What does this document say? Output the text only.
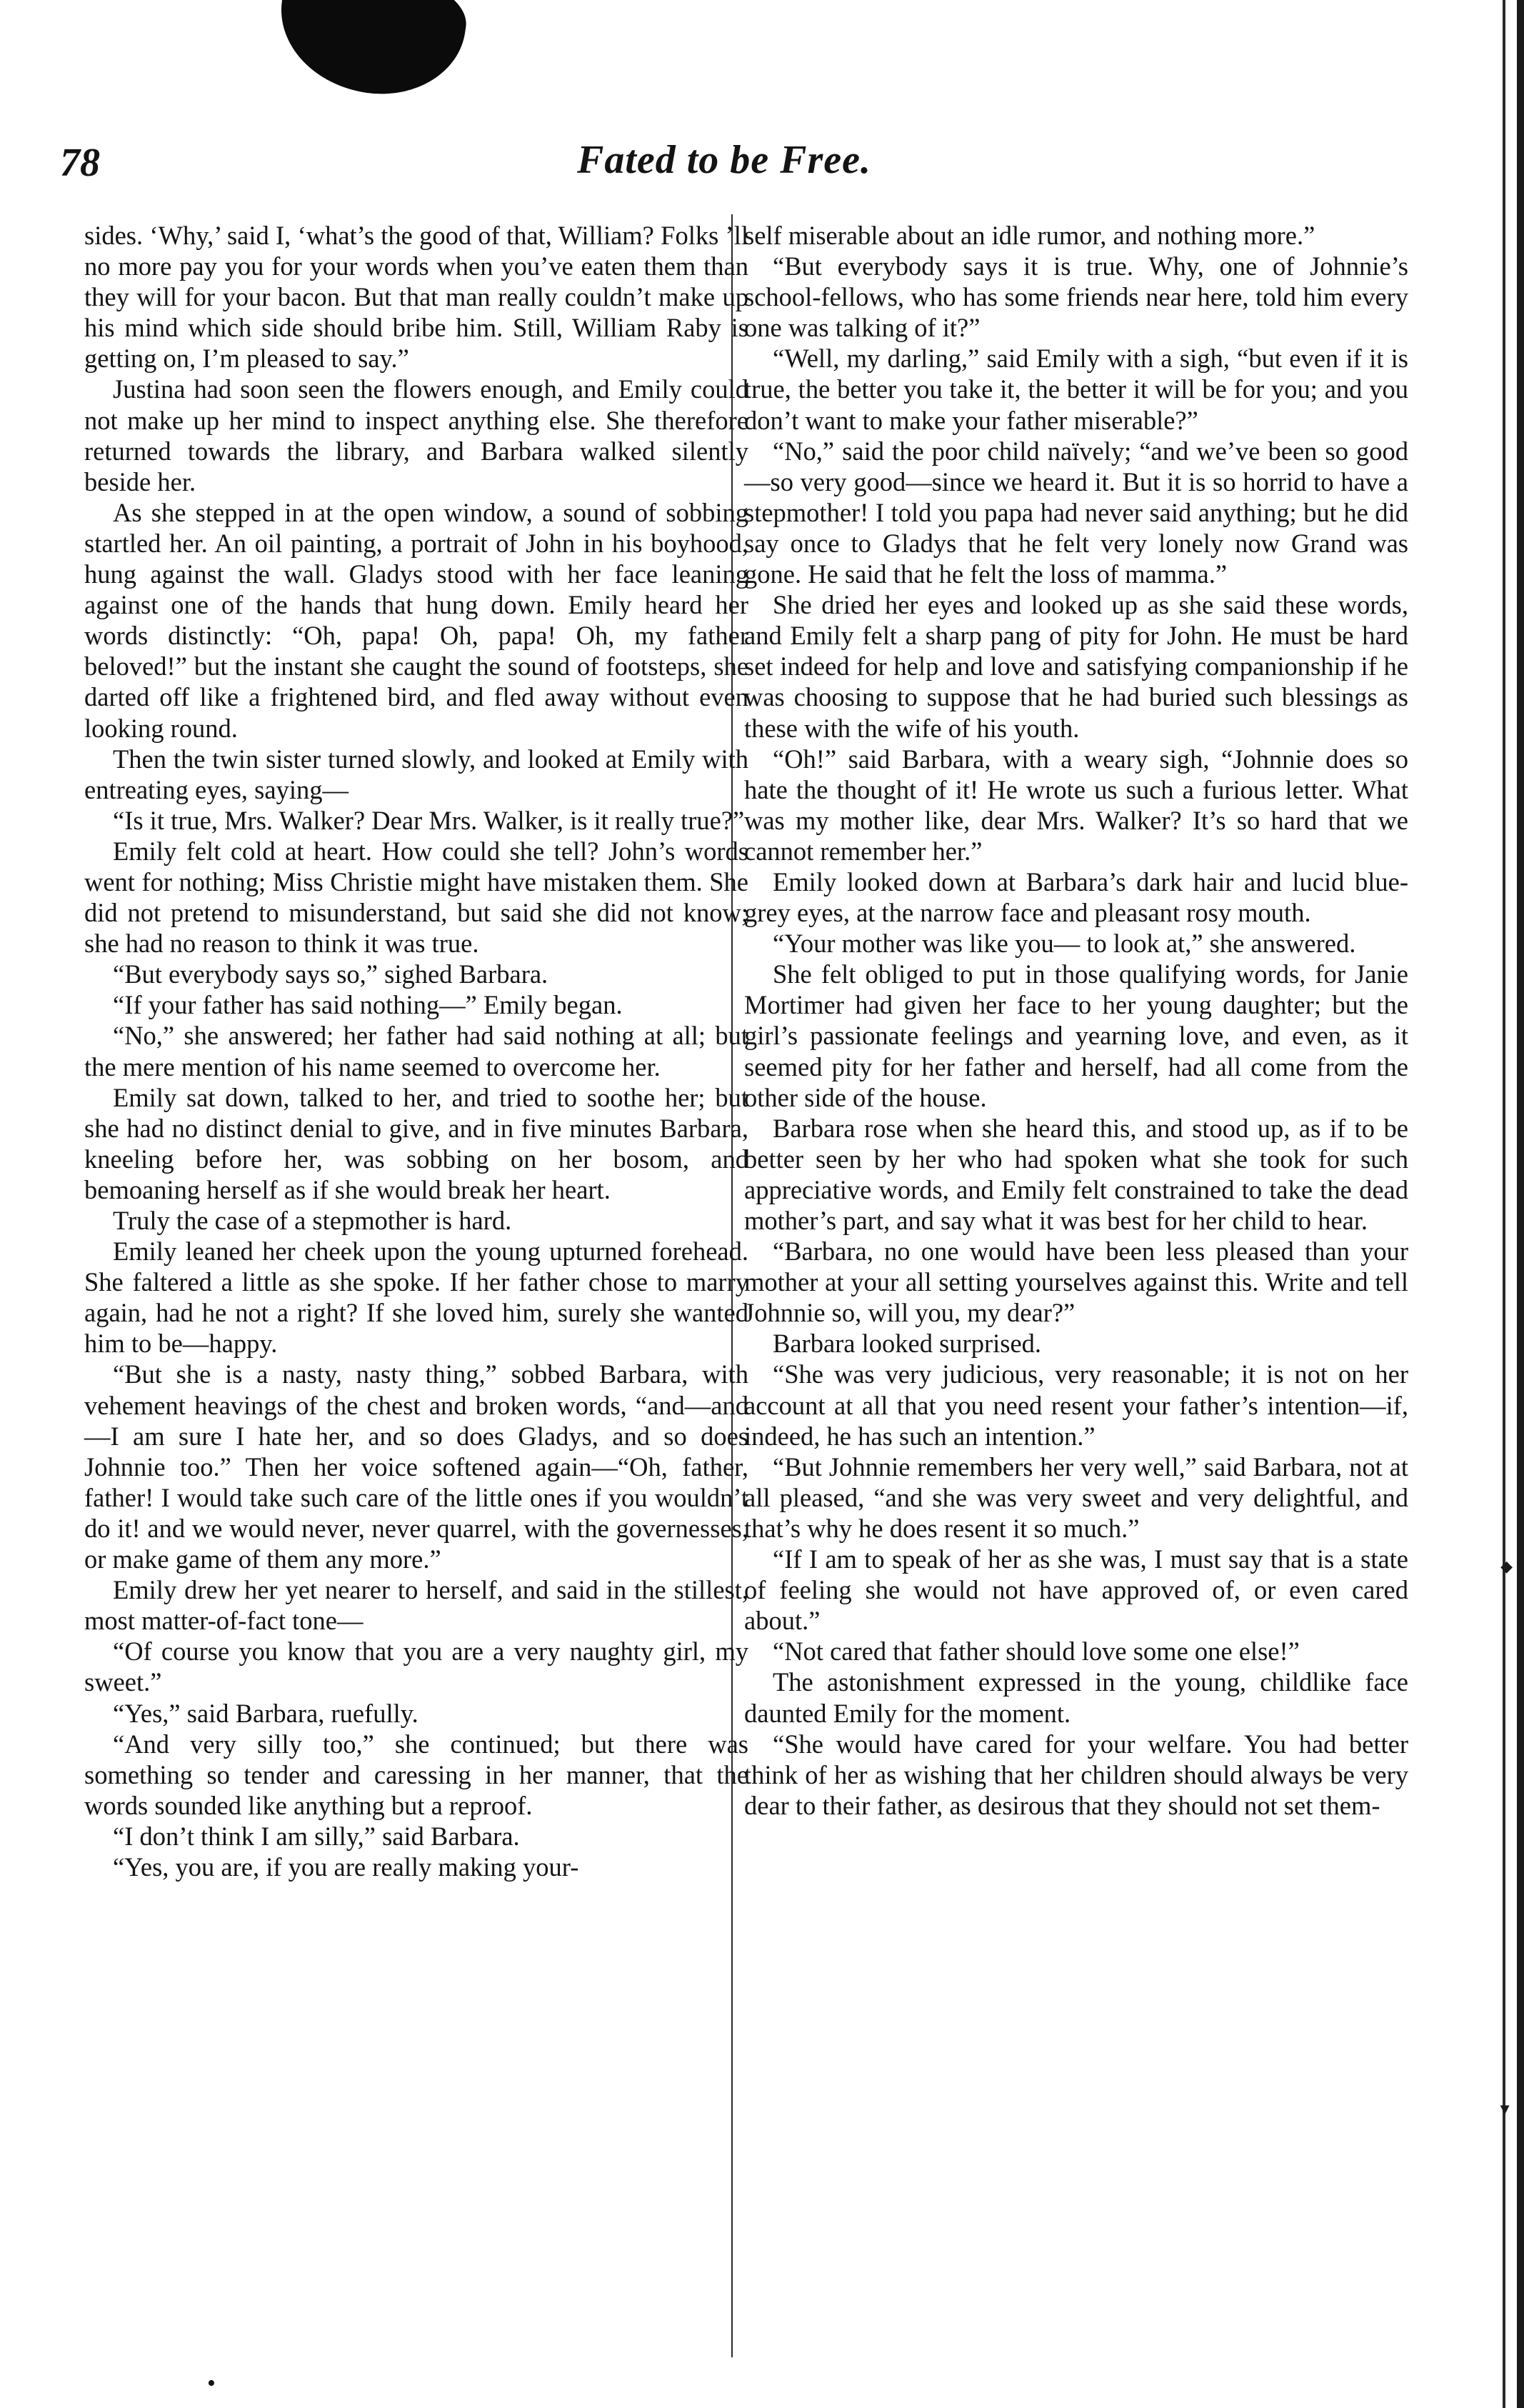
◆
▼
78	Fated to be Free.

sides. ‘Why,’ said I, ‘what’s the good of that, William? Folks ’ll no more pay you for your words when you’ve eaten them than they will for your bacon. But that man really couldn’t make up his mind which side should bribe him. Still, William Raby is getting on, I’m pleased to say.”

Justina had soon seen the flowers enough, and Emily could not make up her mind to inspect anything else. She therefore returned towards the library, and Barbara walked silently beside her.

As she stepped in at the open window, a sound of sobbing startled her. An oil painting, a portrait of John in his boyhood, hung against the wall. Gladys stood with her face leaning against one of the hands that hung down. Emily heard her words distinctly: “Oh, papa! Oh, papa! Oh, my father beloved!” but the instant she caught the sound of footsteps, she darted off like a frightened bird, and fled away without even looking round.

Then the twin sister turned slowly, and looked at Emily with entreating eyes, saying—

“Is it true, Mrs. Walker? Dear Mrs. Walker, is it really true?”

Emily felt cold at heart. How could she tell? John’s words went for nothing; Miss Christie might have mistaken them. She did not pretend to misunderstand, but said she did not know; she had no reason to think it was true.

“But everybody says so,” sighed Barbara.

“If your father has said nothing—” Emily began.

“No,” she answered; her father had said nothing at all; but the mere mention of his name seemed to overcome her.

Emily sat down, talked to her, and tried to soothe her; but she had no distinct denial to give, and in five minutes Barbara, kneeling before her, was sobbing on her bosom, and bemoaning herself as if she would break her heart.

Truly the case of a stepmother is hard.

Emily leaned her cheek upon the young upturned forehead. She faltered a little as she spoke. If her father chose to marry again, had he not a right? If she loved him, surely she wanted him to be—happy.

“But she is a nasty, nasty thing,” sobbed Barbara, with vehement heavings of the chest and broken words, “and—and—I am sure I hate her, and so does Gladys, and so does Johnnie too.” Then her voice softened again—“Oh, father, father! I would take such care of the little ones if you wouldn’t do it! and we would never, never quarrel, with the governesses, or make game of them any more.”

Emily drew her yet nearer to herself, and said in the stillest, most matter-of-fact tone—

“Of course you know that you are a very naughty girl, my sweet.”

“Yes,” said Barbara, ruefully.

“And very silly too,” she continued; but there was something so tender and caressing in her manner, that the words sounded like anything but a reproof.

“I don’t think I am silly,” said Barbara.

“Yes, you are, if you are really making your-

self miserable about an idle rumor, and nothing more.”

“But everybody says it is true. Why, one of Johnnie’s school-fellows, who has some friends near here, told him every one was talking of it?”

“Well, my darling,” said Emily with a sigh, “but even if it is true, the better you take it, the better it will be for you; and you don’t want to make your father miserable?”

“No,” said the poor child naïvely; “and we’ve been so good—so very good—since we heard it. But it is so horrid to have a stepmother! I told you papa had never said anything; but he did say once to Gladys that he felt very lonely now Grand was gone. He said that he felt the loss of mamma.”

She dried her eyes and looked up as she said these words, and Emily felt a sharp pang of pity for John. He must be hard set indeed for help and love and satisfying companionship if he was choosing to suppose that he had buried such blessings as these with the wife of his youth.

“Oh!” said Barbara, with a weary sigh, “Johnnie does so hate the thought of it! He wrote us such a furious letter. What was my mother like, dear Mrs. Walker? It’s so hard that we cannot remember her.”

Emily looked down at Barbara’s dark hair and lucid blue-grey eyes, at the narrow face and pleasant rosy mouth.

“Your mother was like you— to look at,” she answered.

She felt obliged to put in those qualifying words, for Janie Mortimer had given her face to her young daughter; but the girl’s passionate feelings and yearning love, and even, as it seemed pity for her father and herself, had all come from the other side of the house.

Barbara rose when she heard this, and stood up, as if to be better seen by her who had spoken what she took for such appreciative words, and Emily felt constrained to take the dead mother’s part, and say what it was best for her child to hear.

“Barbara, no one would have been less pleased than your mother at your all setting yourselves against this. Write and tell Johnnie so, will you, my dear?”

Barbara looked surprised.

“She was very judicious, very reasonable; it is not on her account at all that you need resent your father’s intention—if, indeed, he has such an intention.”

“But Johnnie remembers her very well,” said Barbara, not at all pleased, “and she was very sweet and very delightful, and that’s why he does resent it so much.”

“If I am to speak of her as she was, I must say that is a state of feeling she would not have approved of, or even cared about.”

“Not cared that father should love some one else!”

The astonishment expressed in the young, childlike face daunted Emily for the moment.

“She would have cared for your welfare. You had better think of her as wishing that her children should always be very dear to their father, as desirous that they should not set them-

•
